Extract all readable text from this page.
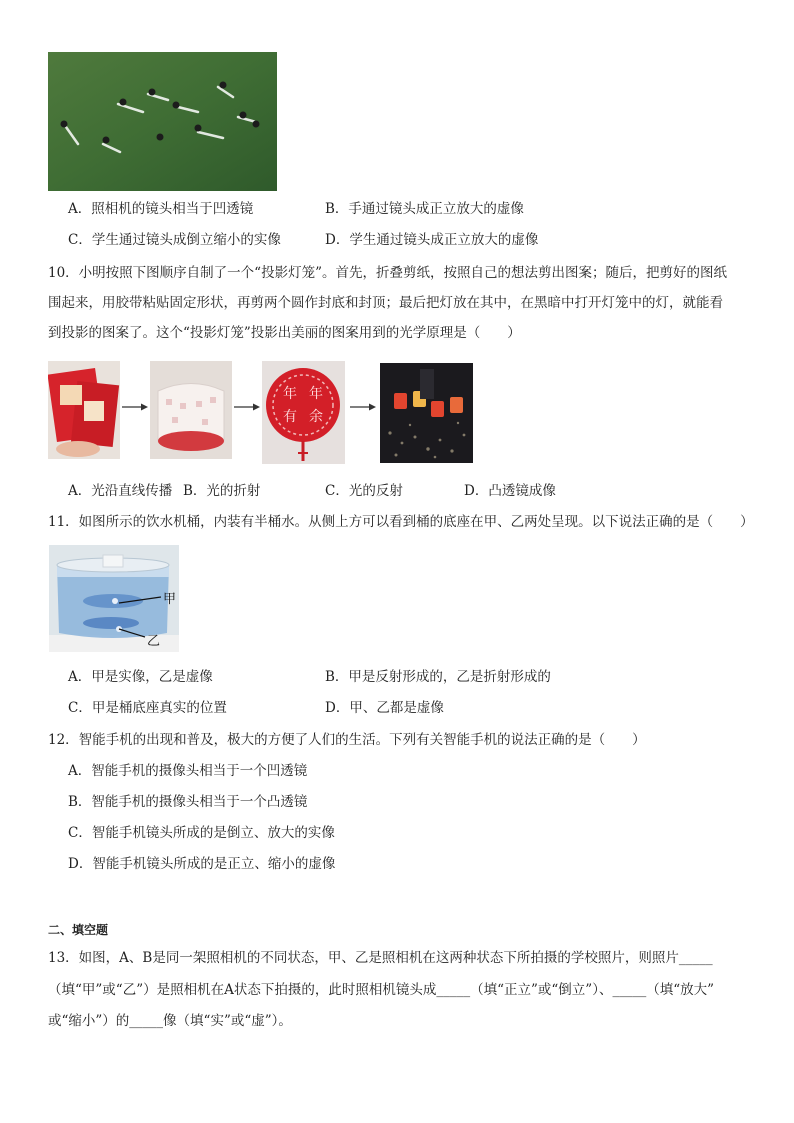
A．照相机的镜头相当于凹透镜	B．手通过镜头成正立放大的虚像
C．学生通过镜头成倒立缩小的实像	D．学生通过镜头成正立放大的虚像
10．小明按照下图顺序自制了一个“投影灯笼”。首先，折叠剪纸，按照自己的想法剪出图案；随后，把剪好的图纸
围起来，用胶带粘贴固定形状，再剪两个圆作封底和封顶；最后把灯放在其中，在黑暗中打开灯笼中的灯，就能看
到投影的图案了。这个“投影灯笼”投影出美丽的图案用到的光学原理是（　　）
年 年
有 余
A．光沿直线传播 B．光的折射	C．光的反射	D．凸透镜成像
11．如图所示的饮水机桶，内装有半桶水。从侧上方可以看到桶的底座在甲、乙两处呈现。以下说法正确的是（　　）
甲
乙
A．甲是实像，乙是虚像	B．甲是反射形成的，乙是折射形成的
C．甲是桶底座真实的位置	D．甲、乙都是虚像
12．智能手机的出现和普及，极大的方便了人们的生活。下列有关智能手机的说法正确的是（　　）
A．智能手机的摄像头相当于一个凹透镜
B．智能手机的摄像头相当于一个凸透镜
C．智能手机镜头所成的是倒立、放大的实像
D．智能手机镜头所成的是正立、缩小的虚像
二、填空题
13．如图，A、B是同一架照相机的不同状态，甲、乙是照相机在这两种状态下所拍摄的学校照片，则照片_____
（填“甲”或“乙”）是照相机在A状态下拍摄的，此时照相机镜头成_____（填“正立”或“倒立”）、_____（填“放大”
或“缩小”）的_____像（填“实”或“虚”）。
